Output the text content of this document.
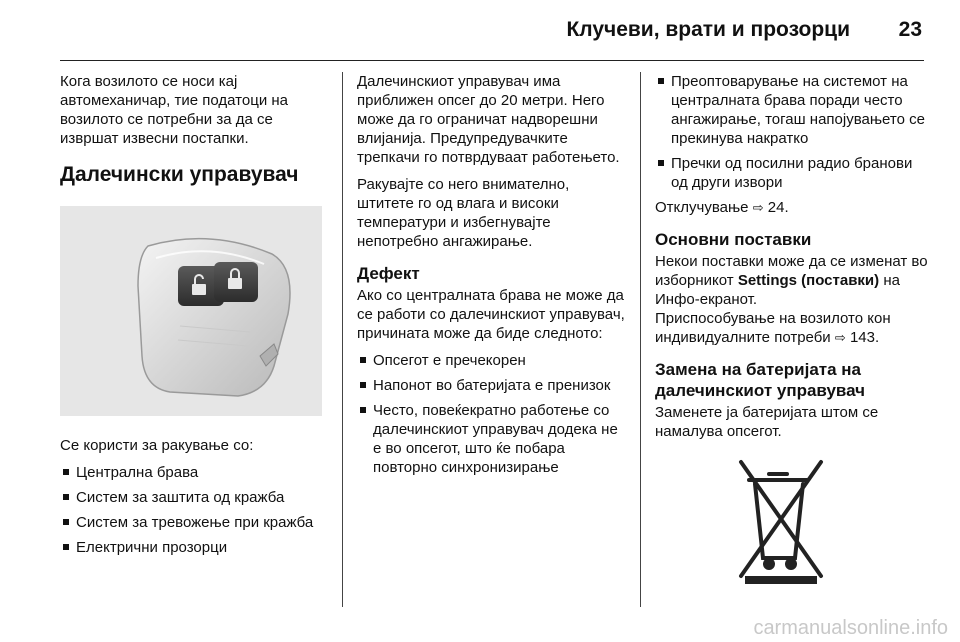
Клучеви, врати и прозорци 23

Кога возилото се носи кај автомеханичар, тие податоци на возилото се потребни за да се извршат извесни постапки.

Далечински управувач

Се користи за ракување со:

Централна брава
Систем за заштита од кражба
Систем за тревожење при кражба
Електрични прозорци

Далечинскиот управувач има приближен опсег до 20 метри. Него може да го ограничат надворешни влијанија. Предупредувачките трепкачи го потврдуваат работењето.

Ракувајте со него внимателно, штитете го од влага и високи температури и избегнувајте непотребно ангажирање.

Дефект

Ако со централната брава не може да се работи со далечинскиот управувач, причината може да биде следното:

Опсегот е пречекорен
Напонот во батеријата е пренизок
Често, повеќекратно работење со далечинскиот управувач додека не е во опсегот, што ќе побара повторно синхронизирање
Преоптоварување на системот на централната брава поради често ангажирање, тогаш напојувањето се прекинува накратко
Пречки од посилни радио бранови од други извори

Отклучување ⇨ 24.

Основни поставки

Некои поставки може да се изменат во изборникот Settings (поставки) на Инфо-екранот.

Приспособување на возилото кон индивидуалните потреби ⇨ 143.

Замена на батеријата на далечинскиот управувач

Заменете ја батеријата штом се намалува опсегот.

carmanualsonline.info
